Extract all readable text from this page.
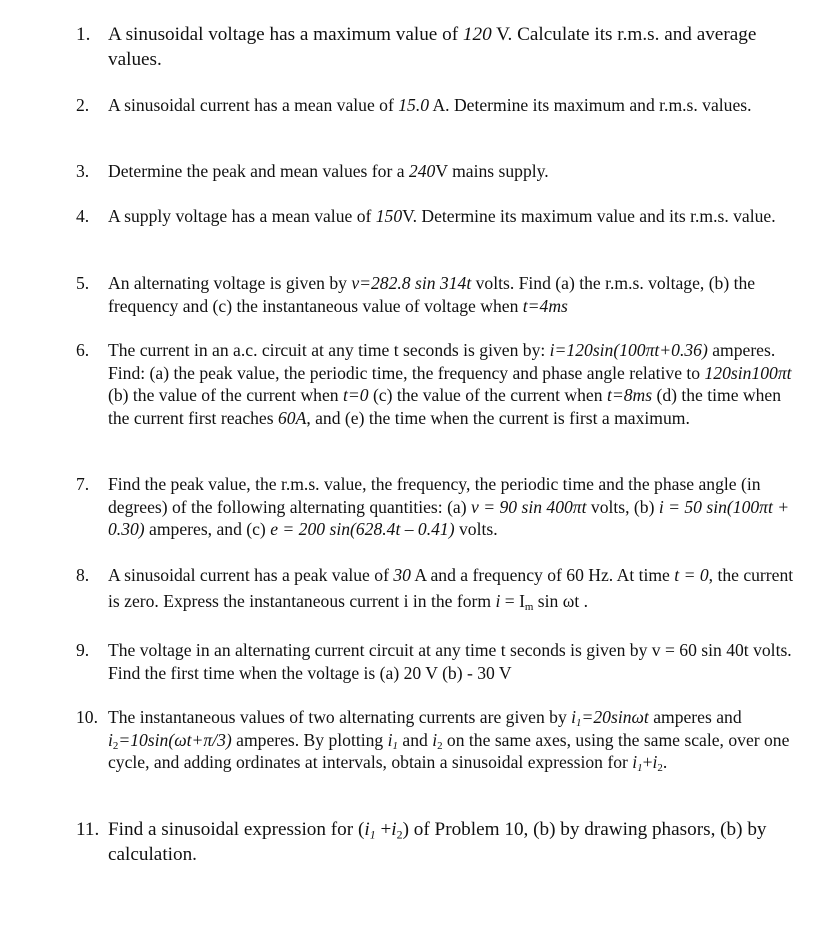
1. A sinusoidal voltage has a maximum value of 120 V. Calculate its r.m.s. and average values.
2. A sinusoidal current has a mean value of 15.0 A. Determine its maximum and r.m.s. values.
3. Determine the peak and mean values for a 240V mains supply.
4. A supply voltage has a mean value of 150V. Determine its maximum value and its r.m.s. value.
5. An alternating voltage is given by v=282.8 sin 314t volts. Find (a) the r.m.s. voltage, (b) the frequency and (c) the instantaneous value of voltage when t=4ms
6. The current in an a.c. circuit at any time t seconds is given by: i=120sin(100πt+0.36) amperes. Find: (a) the peak value, the periodic time, the frequency and phase angle relative to 120sin100πt (b) the value of the current when t=0 (c) the value of the current when t=8ms (d) the time when the current first reaches 60A, and (e) the time when the current is first a maximum.
7. Find the peak value, the r.m.s. value, the frequency, the periodic time and the phase angle (in degrees) of the following alternating quantities: (a) v = 90 sin 400πt volts, (b) i = 50 sin(100πt + 0.30) amperes, and (c) e = 200 sin(628.4t – 0.41) volts.
8. A sinusoidal current has a peak value of 30 A and a frequency of 60 Hz. At time t = 0, the current is zero. Express the instantaneous current i in the form $i = I_m$ sin ωt .
9. The voltage in an alternating current circuit at any time t seconds is given by v = 60 sin 40t volts. Find the first time when the voltage is (a) 20 V (b) - 30 V
10. The instantaneous values of two alternating currents are given by $i_1=20\sin\omega t$ amperes and $i_2=10\sin(\omega t+\pi/3)$ amperes. By plotting $i_1$ and $i_2$ on the same axes, using the same scale, over one cycle, and adding ordinates at intervals, obtain a sinusoidal expression for $i_1+i_2$.
11. Find a sinusoidal expression for $(i_1 +i_2)$ of Problem 10, (b) by drawing phasors, (b) by calculation.
